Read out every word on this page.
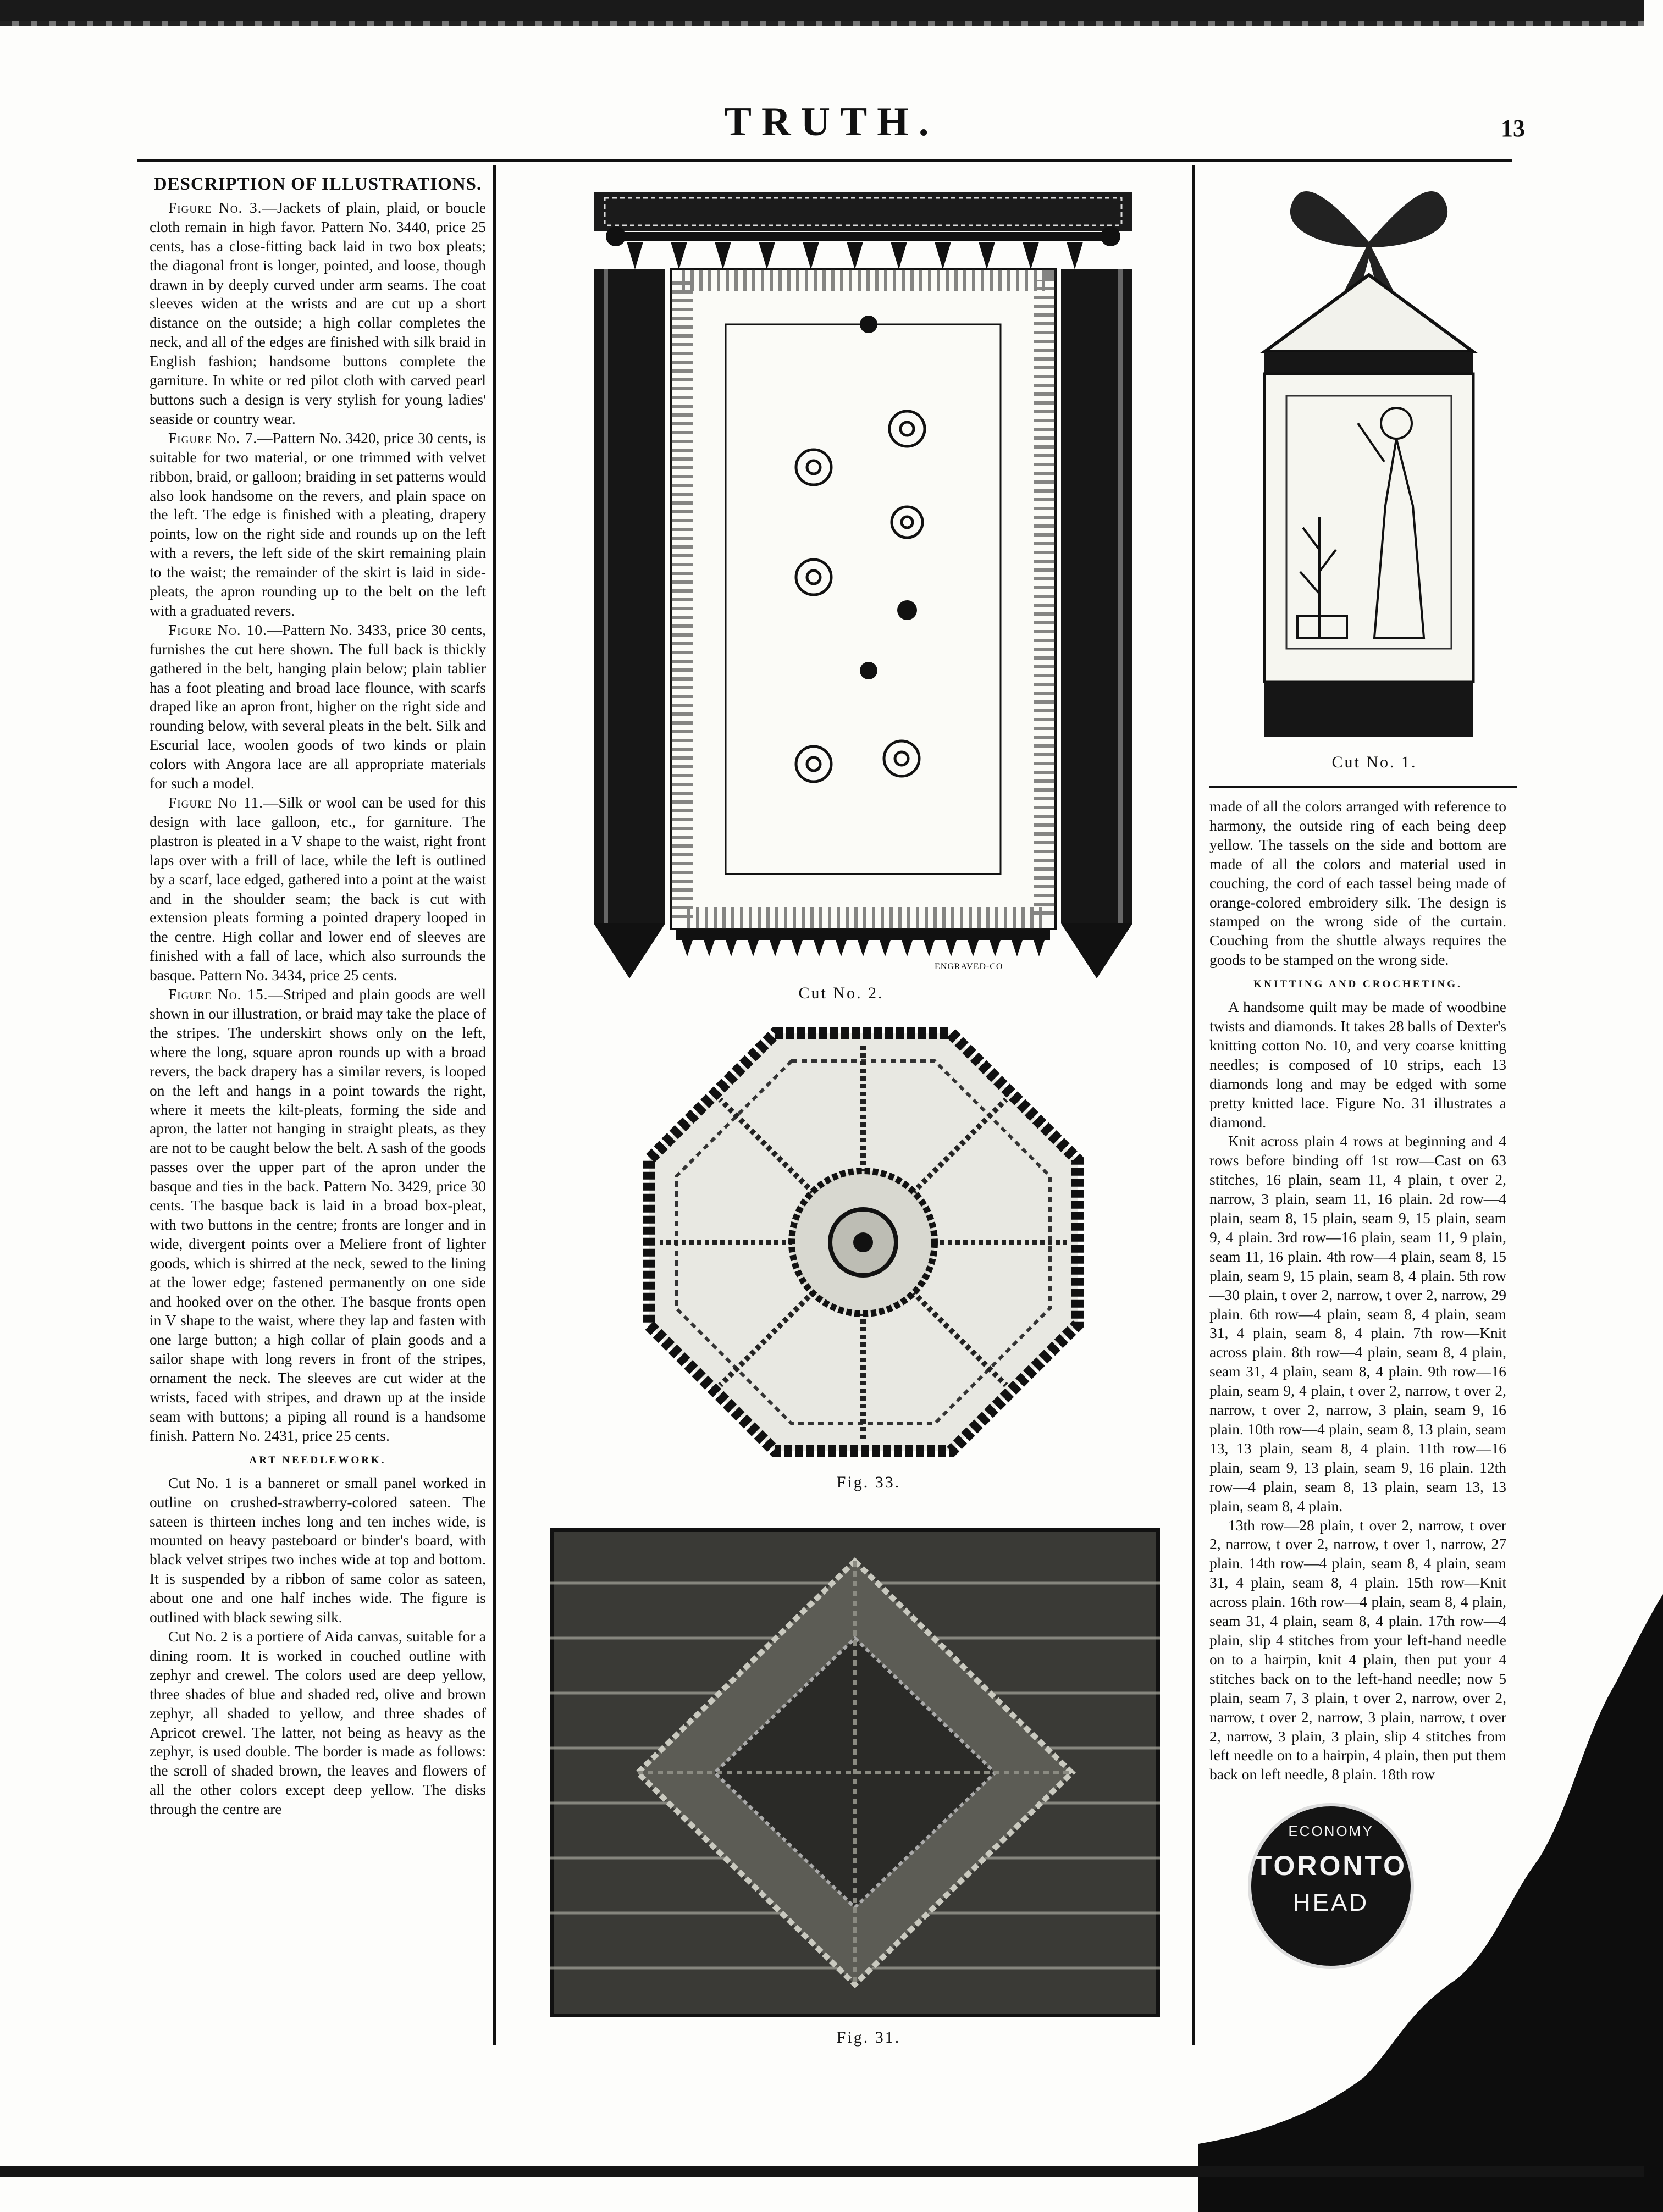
TRUTH.	13
DESCRIPTION OF ILLUSTRATIONS.

Figure No. 3.—Jackets of plain, plaid, or boucle cloth remain in high favor. Pattern No. 3440, price 25 cents, has a close-fitting back laid in two box pleats; the diagonal front is longer, pointed, and loose, though drawn in by deeply curved under arm seams. The coat sleeves widen at the wrists and are cut up a short distance on the outside; a high collar completes the neck, and all of the edges are finished with silk braid in English fashion; handsome buttons complete the garniture. In white or red pilot cloth with carved pearl buttons such a design is very stylish for young ladies' seaside or country wear.

Figure No. 7.—Pattern No. 3420, price 30 cents, is suitable for two material, or one trimmed with velvet ribbon, braid, or galloon; braiding in set patterns would also look handsome on the revers, and plain space on the left. The edge is finished with a pleating, drapery points, low on the right side and rounds up on the left with a revers, the left side of the skirt remaining plain to the waist; the remainder of the skirt is laid in side-pleats, the apron rounding up to the belt on the left with a graduated revers.

Figure No. 10.—Pattern No. 3433, price 30 cents, furnishes the cut here shown. The full back is thickly gathered in the belt, hanging plain below; plain tablier has a foot pleating and broad lace flounce, with scarfs draped like an apron front, higher on the right side and rounding below, with several pleats in the belt. Silk and Escurial lace, woolen goods of two kinds or plain colors with Angora lace are all appropriate materials for such a model.

Figure No 11.—Silk or wool can be used for this design with lace galloon, etc., for garniture. The plastron is pleated in a V shape to the waist, right front laps over with a frill of lace, while the left is outlined by a scarf, lace edged, gathered into a point at the waist and in the shoulder seam; the back is cut with extension pleats forming a pointed drapery looped in the centre. High collar and lower end of sleeves are finished with a fall of lace, which also surrounds the basque. Pattern No. 3434, price 25 cents.

Figure No. 15.—Striped and plain goods are well shown in our illustration, or braid may take the place of the stripes. The underskirt shows only on the left, where the long, square apron rounds up with a broad revers, the back drapery has a similar revers, is looped on the left and hangs in a point towards the right, where it meets the kilt-pleats, forming the side and apron, the latter not hanging in straight pleats, as they are not to be caught below the belt. A sash of the goods passes over the upper part of the apron under the basque and ties in the back. Pattern No. 3429, price 30 cents. The basque back is laid in a broad box-pleat, with two buttons in the centre; fronts are longer and in wide, divergent points over a Meliere front of lighter goods, which is shirred at the neck, sewed to the lining at the lower edge; fastened permanently on one side and hooked over on the other. The basque fronts open in V shape to the waist, where they lap and fasten with one large button; a high collar of plain goods and a sailor shape with long revers in front of the stripes, ornament the neck. The sleeves are cut wider at the wrists, faced with stripes, and drawn up at the inside seam with buttons; a piping all round is a handsome finish. Pattern No. 2431, price 25 cents.

ART NEEDLEWORK.

Cut No. 1 is a banneret or small panel worked in outline on crushed-strawberry-colored sateen. The sateen is thirteen inches long and ten inches wide, is mounted on heavy pasteboard or binder's board, with black velvet stripes two inches wide at top and bottom. It is suspended by a ribbon of same color as sateen, about one and one half inches wide. The figure is outlined with black sewing silk.

Cut No. 2 is a portiere of Aida canvas, suitable for a dining room. It is worked in couched outline with zephyr and crewel. The colors used are deep yellow, three shades of blue and shaded red, olive and brown zephyr, all shaded to yellow, and three shades of Apricot crewel. The latter, not being as heavy as the zephyr, is used double. The border is made as follows: the scroll of shaded brown, the leaves and flowers of all the other colors except deep yellow. The disks through the centre are

ENGRAVED-CO
Cut No. 2.
Fig. 33.
Fig. 31.
Cut No. 1.

made of all the colors arranged with reference to harmony, the outside ring of each being deep yellow. The tassels on the side and bottom are made of all the colors and material used in couching, the cord of each tassel being made of orange-colored embroidery silk. The design is stamped on the wrong side of the curtain. Couching from the shuttle always requires the goods to be stamped on the wrong side.

KNITTING AND CROCHETING.

A handsome quilt may be made of woodbine twists and diamonds. It takes 28 balls of Dexter's knitting cotton No. 10, and very coarse knitting needles; is composed of 10 strips, each 13 diamonds long and may be edged with some pretty knitted lace. Figure No. 31 illustrates a diamond.

Knit across plain 4 rows at beginning and 4 rows before binding off 1st row—Cast on 63 stitches, 16 plain, seam 11, 4 plain, t over 2, narrow, 3 plain, seam 11, 16 plain. 2d row—4 plain, seam 8, 15 plain, seam 9, 15 plain, seam 9, 4 plain. 3rd row—16 plain, seam 11, 9 plain, seam 11, 16 plain. 4th row—4 plain, seam 8, 15 plain, seam 9, 15 plain, seam 8, 4 plain. 5th row—30 plain, t over 2, narrow, t over 2, narrow, 29 plain. 6th row—4 plain, seam 8, 4 plain, seam 31, 4 plain, seam 8, 4 plain. 7th row—Knit across plain. 8th row—4 plain, seam 8, 4 plain, seam 31, 4 plain, seam 8, 4 plain. 9th row—16 plain, seam 9, 4 plain, t over 2, narrow, t over 2, narrow, t over 2, narrow, 3 plain, seam 9, 16 plain. 10th row—4 plain, seam 8, 13 plain, seam 13, 13 plain, seam 8, 4 plain. 11th row—16 plain, seam 9, 13 plain, seam 9, 16 plain. 12th row—4 plain, seam 8, 13 plain, seam 13, 13 plain, seam 8, 4 plain.

13th row—28 plain, t over 2, narrow, t over 2, narrow, t over 2, narrow, t over 1, narrow, 27 plain. 14th row—4 plain, seam 8, 4 plain, seam 31, 4 plain, seam 8, 4 plain. 15th row—Knit across plain. 16th row—4 plain, seam 8, 4 plain, seam 31, 4 plain, seam 8, 4 plain. 17th row—4 plain, slip 4 stitches from your left-hand needle on to a hairpin, knit 4 plain, then put your 4 stitches back on to the left-hand needle; now 5 plain, seam 7, 3 plain, t over 2, narrow, over 2, narrow, t over 2, narrow, 3 plain, narrow, t over 2, narrow, 3 plain, 3 plain, slip 4 stitches from left needle on to a hairpin, 4 plain, then put them back on left needle, 8 plain. 18th row

ECONOMY
TORONTO
HEAD
